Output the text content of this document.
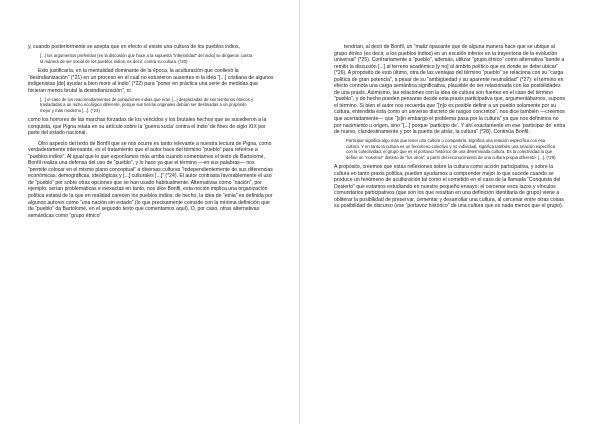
y, cuando posteriormente se acepta que en efecto sí existe una cultura de los pueblos indios,

[...] los argumentos preferidos [en la discusión que hace a la supuesta “inferioridad” del indio] se dirigieron contra la manera de ser social de los pueblos indios, es decir: contra su cultura. (*20)

Esto justificaría, en la mentalidad dominante de la época, la aculturación que conllevó la “desindianización” (*21) en un proceso en el cual no estuvieron ausentes ni la idea “[...] cristiana de algunos indigenistas [de] ayudar a bien morir al indio” (*22) para “poner en práctica una serie de medidas que hicieran menos brutal la desindianización”, ni

[...] el caso de los reacomodamientos de poblaciones indias que eran [...] desplazadas de sus territorios étnicos y trasladadas a un nicho ecológico diferente, porque sus tierras originales debían ser destinadas a un propósito mejor y más moderno [...]. (*23)

como los horrores de las marchas forzadas de los vencidos y los brutales hechos que se sucedieron a la conquista, que Pigna relata en su artículo sobre la ‘guerra sucia’ contra el indio’ de fines de siglo XIX por parte del estado nacional.

Otro aspecto del texto de Bonfil que se nos ocurre es tanto relevante a nuestra lectura de Pigna, como verdaderamente interesante, es el tratamiento que el autor hace del término “pueblo” para referirse a “pueblos indios”. Al igual que lo que exponíamos más arriba cuando comentamos el texto de Bartolomé, Bonfil realiza una defensa del uso de “pueblo”, y lo hace ya que el término —en sus palabras— nos “permite colocar en el mismo plano conceptual” a diversas culturas “independientemente de sus diferencias económicas, demográficas, ideológicas y [...] culturales [...]” (*24). El autor contrasta favorablemente el uso de “pueblo” por sobre otras opciones que se han usado habitualmente. Alternativas como “nación”, por ejemplo, serían problemáticas e inexactas en tanto, nos dice Bonfil, esta noción implica una organización política estatal de la que en realidad carecen los pueblos indios; de hecho, la idea de “etnia” es definida por algunos autores como “una nación sin estado” (lo que precisamente coincide con la mínima definición que de “pueblo” da Bartolomé, en el segundo texto que comentamos aquí). O, por caso, otras alternativas semánticas como “grupo étnico”

tendrían, al decir de Bonfil, un “matiz opacante que de alguna manera hace que se ubique al grupo étnico (es decir, a los pueblos indios) en un escalón inferior en la trayectoria de la evolución universal” (*25). Contrariamente a “pueblo”, además, utilizar “grupo étnico” como alternativa “tiende a remitir la discusión [...] al terreno académico [y no] al ámbito político que es donde se debe ubicar” (*26). A propósito de esto último, otra de las ventajas del término “pueblo” se relaciona con su “carga política de gran potencia”, a pesar de su “ambigüedad y su aparente neutralidad” (*27): el término en efecto connota una carga semántica significativa, plausible de ser relacionada con las posibilidades de una praxis. Asimismo, las relaciones con la idea de cultura son fuertes en el caso del término “pueblo”, y de hecho pueden pensarse desde esta praxis participativa que, argumentábamos, supone el término. Si bien el autor nos recuerda que “[n]o es posible definir a un pueblo solamente por su cultura, entendida ésta como un universo discreto de rasgos concretos”, nos dice también —creemos que acertadamente— que “[s]in embargo el problema pasa por la cultura” ya que nos definimos no por nacimiento u origen, sino “[...] porque ‘participo de’. Y ahí exactamente en ese ‘participar de’ entra de nuevo, clandestinamente y por la puerta de atrás, la cultura” (*28). Continúa Bonfil:

Participar significa algo más que tener una cultura o compartirla. Significa una relación específica con esa cultura. Y en tanto la cultura es un fenómeno colectivo y no individual, significa también una relación específica con la colectividad, el grupo que es el portavoz histórico de una determinada cultura. Es la colectividad la que define un “nosotros” distinto de “los otros”, a partir del reconocimiento de una cultura propia diferente. [...]. (*29)

A propósito, creemos que estas reflexiones sobre la cultura como acción participativa, y sobre la cultura en tanto praxis política, pueden ayudarnos a comprender mejor lo que sucede cuando se produce un fenómeno de aculturación tal como el cometido en el caso de la llamada “Conquista del Desierto” que estamos estudiando en nuestro pequeño ensayo: el cercenar esos lazos y vínculos comunitarios participativos (que son los que resultan en una definición identitaria de grupo) viene a obliterar la posibilidad de preservar, cementar y desarrollar una cultura, al cercenar entre otras cosas su posibilidad de discurso (ese “portavoz histórico” de una cultura que es nada menos que el grupo).
